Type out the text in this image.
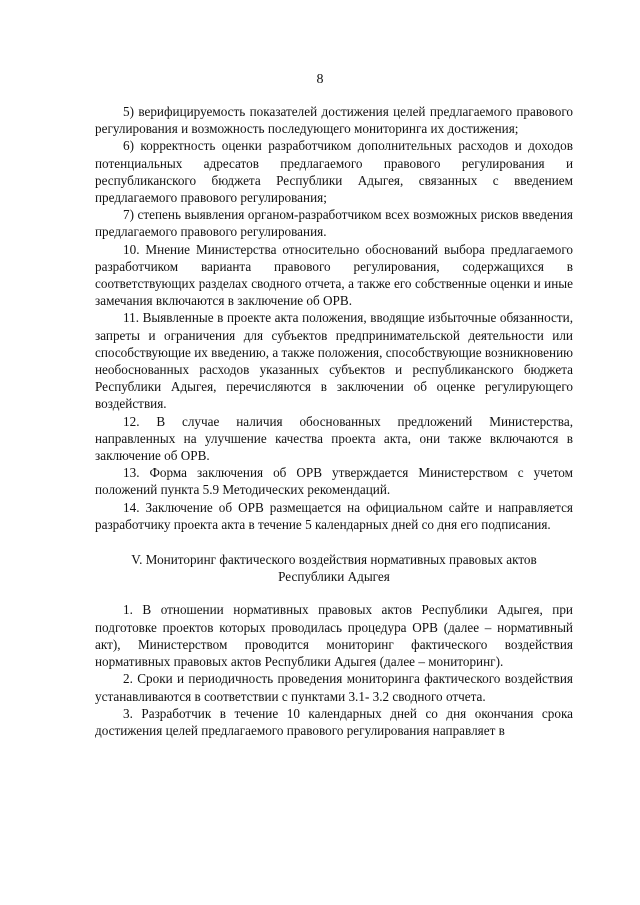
8

5) верифицируемость показателей достижения целей предлагаемого правового регулирования и возможность последующего мониторинга их достижения;

6) корректность оценки разработчиком дополнительных расходов и доходов потенциальных адресатов предлагаемого правового регулирования и республиканского бюджета Республики Адыгея, связанных с введением предлагаемого правового регулирования;

7) степень выявления органом-разработчиком всех возможных рисков введения предлагаемого правового регулирования.

10. Мнение Министерства относительно обоснований выбора предлагаемого разработчиком варианта правового регулирования, содержащихся в соответствующих разделах сводного отчета, а также его собственные оценки и иные замечания включаются в заключение об ОРВ.

11. Выявленные в проекте акта положения, вводящие избыточные обязанности, запреты и ограничения для субъектов предпринимательской деятельности или способствующие их введению, а также положения, способствующие возникновению необоснованных расходов указанных субъектов и республиканского бюджета Республики Адыгея, перечисляются в заключении об оценке регулирующего воздействия.

12. В случае наличия обоснованных предложений Министерства, направленных на улучшение качества проекта акта, они также включаются в заключение об ОРВ.

13. Форма заключения об ОРВ утверждается Министерством с учетом положений пункта 5.9 Методических рекомендаций.

14. Заключение об ОРВ размещается на официальном сайте и направляется разработчику проекта акта в течение 5 календарных дней со дня его подписания.

V. Мониторинг фактического воздействия нормативных правовых актов Республики Адыгея

1. В отношении нормативных правовых актов Республики Адыгея, при подготовке проектов которых проводилась процедура ОРВ (далее – нормативный акт), Министерством проводится мониторинг фактического воздействия нормативных правовых актов Республики Адыгея (далее – мониторинг).

2. Сроки и периодичность проведения мониторинга фактического воздействия устанавливаются в соответствии с пунктами 3.1- 3.2 сводного отчета.

3. Разработчик в течение 10 календарных дней со дня окончания срока достижения целей предлагаемого правового регулирования направляет в
